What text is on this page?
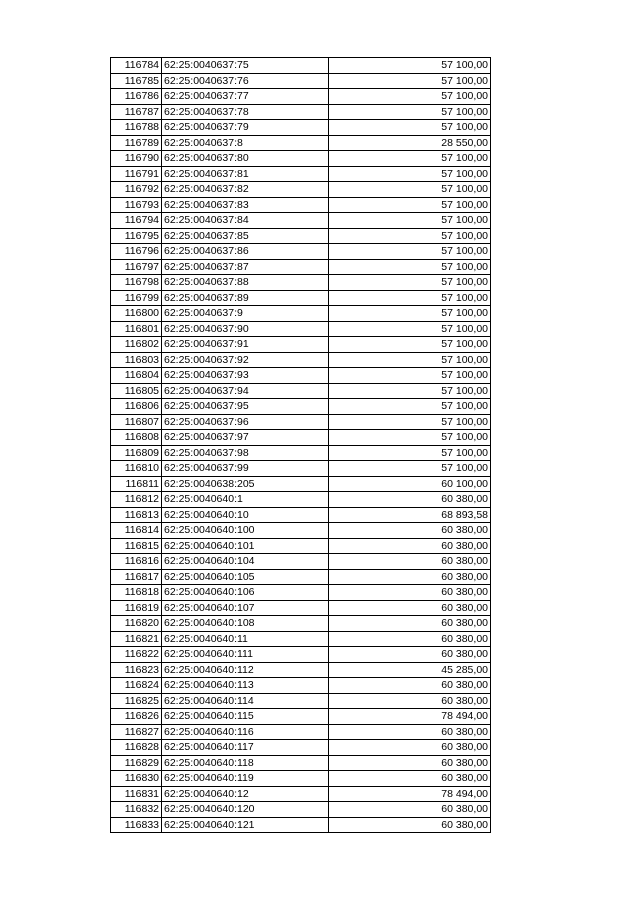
116784	62:25:0040637:75	57 100,00
116785	62:25:0040637:76	57 100,00
116786	62:25:0040637:77	57 100,00
116787	62:25:0040637:78	57 100,00
116788	62:25:0040637:79	57 100,00
116789	62:25:0040637:8	28 550,00
116790	62:25:0040637:80	57 100,00
116791	62:25:0040637:81	57 100,00
116792	62:25:0040637:82	57 100,00
116793	62:25:0040637:83	57 100,00
116794	62:25:0040637:84	57 100,00
116795	62:25:0040637:85	57 100,00
116796	62:25:0040637:86	57 100,00
116797	62:25:0040637:87	57 100,00
116798	62:25:0040637:88	57 100,00
116799	62:25:0040637:89	57 100,00
116800	62:25:0040637:9	57 100,00
116801	62:25:0040637:90	57 100,00
116802	62:25:0040637:91	57 100,00
116803	62:25:0040637:92	57 100,00
116804	62:25:0040637:93	57 100,00
116805	62:25:0040637:94	57 100,00
116806	62:25:0040637:95	57 100,00
116807	62:25:0040637:96	57 100,00
116808	62:25:0040637:97	57 100,00
116809	62:25:0040637:98	57 100,00
116810	62:25:0040637:99	57 100,00
116811	62:25:0040638:205	60 100,00
116812	62:25:0040640:1	60 380,00
116813	62:25:0040640:10	68 893,58
116814	62:25:0040640:100	60 380,00
116815	62:25:0040640:101	60 380,00
116816	62:25:0040640:104	60 380,00
116817	62:25:0040640:105	60 380,00
116818	62:25:0040640:106	60 380,00
116819	62:25:0040640:107	60 380,00
116820	62:25:0040640:108	60 380,00
116821	62:25:0040640:11	60 380,00
116822	62:25:0040640:111	60 380,00
116823	62:25:0040640:112	45 285,00
116824	62:25:0040640:113	60 380,00
116825	62:25:0040640:114	60 380,00
116826	62:25:0040640:115	78 494,00
116827	62:25:0040640:116	60 380,00
116828	62:25:0040640:117	60 380,00
116829	62:25:0040640:118	60 380,00
116830	62:25:0040640:119	60 380,00
116831	62:25:0040640:12	78 494,00
116832	62:25:0040640:120	60 380,00
116833	62:25:0040640:121	60 380,00
